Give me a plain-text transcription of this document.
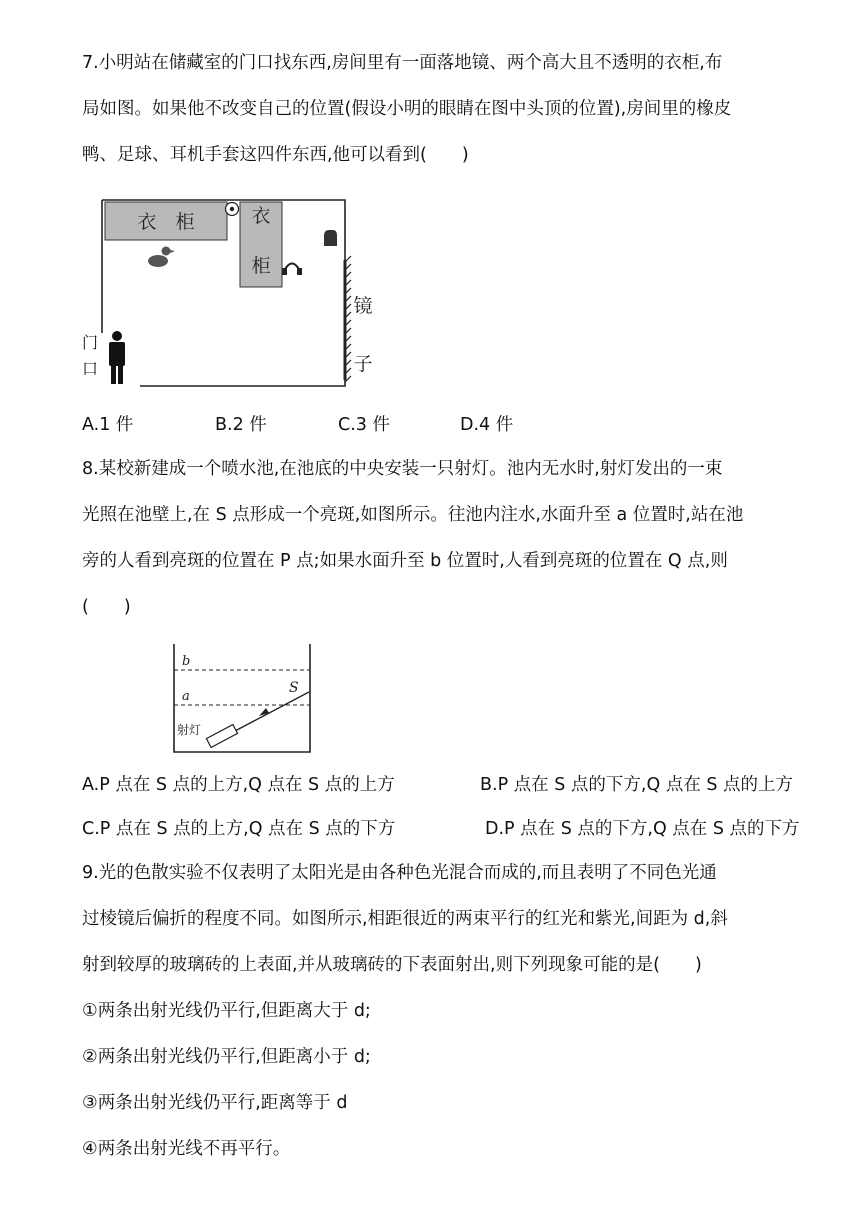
7.小明站在储藏室的门口找东西,房间里有一面落地镜、两个高大且不透明的衣柜,布
局如图。如果他不改变自己的位置(假设小明的眼睛在图中头顶的位置),房间里的橡皮
鸭、足球、耳机手套这四件东西,他可以看到(　　)
衣　柜	衣
柜
镜
子
门
口
A.1 件	B.2 件	C.3 件	D.4 件
8.某校新建成一个喷水池,在池底的中央安装一只射灯。池内无水时,射灯发出的一束
光照在池壁上,在 S 点形成一个亮斑,如图所示。往池内注水,水面升至 a 位置时,站在池
旁的人看到亮斑的位置在 P 点;如果水面升至 b 位置时,人看到亮斑的位置在 Q 点,则
(　　)
b
a
S
射灯
A.P 点在 S 点的上方,Q 点在 S 点的上方	B.P 点在 S 点的下方,Q 点在 S 点的上方
C.P 点在 S 点的上方,Q 点在 S 点的下方	D.P 点在 S 点的下方,Q 点在 S 点的下方
9.光的色散实验不仅表明了太阳光是由各种色光混合而成的,而且表明了不同色光通
过棱镜后偏折的程度不同。如图所示,相距很近的两束平行的红光和紫光,间距为 d,斜
射到较厚的玻璃砖的上表面,并从玻璃砖的下表面射出,则下列现象可能的是(　　)
①两条出射光线仍平行,但距离大于 d;
②两条出射光线仍平行,但距离小于 d;
③两条出射光线仍平行,距离等于 d
④两条出射光线不再平行。
